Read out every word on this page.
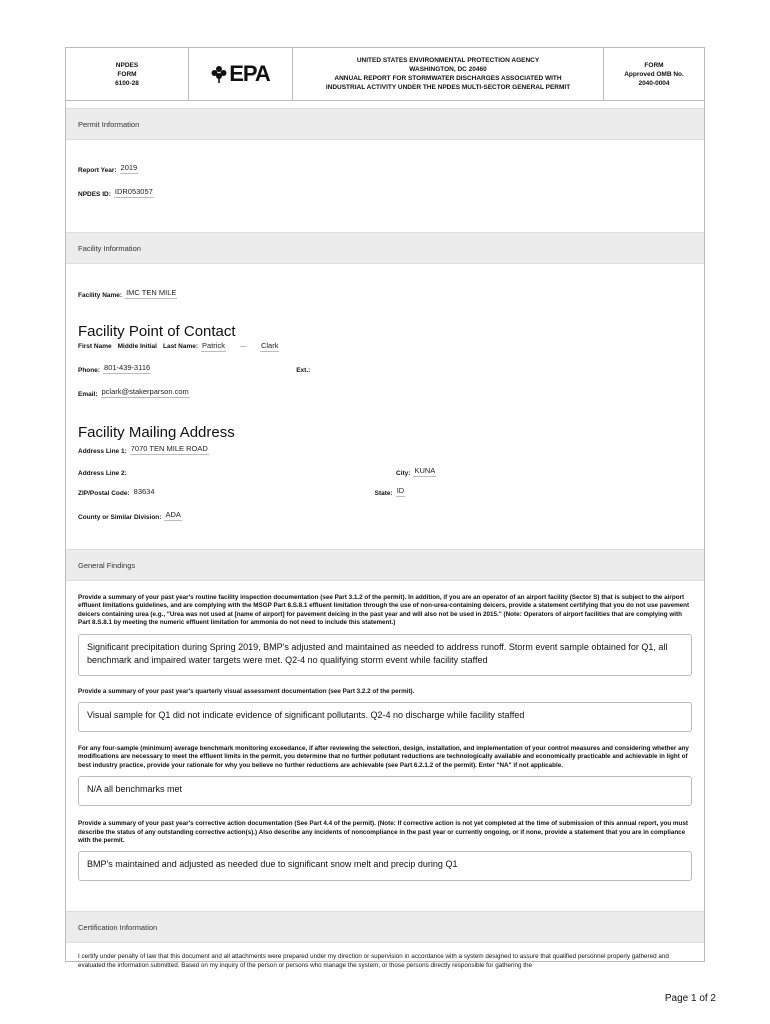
NPDES
FORM
6100-28	EPA
UNITED STATES ENVIRONMENTAL PROTECTION AGENCY
WASHINGTON, DC 20460
ANNUAL REPORT FOR STORMWATER DISCHARGES ASSOCIATED WITH
INDUSTRIAL ACTIVITY UNDER THE NPDES MULTI-SECTOR GENERAL PERMIT
FORM
Approved OMB No.
2040-0004
Permit Information
Report Year: 2019
NPDES ID: IDR053057
Facility Information
Facility Name: IMC TEN MILE
Facility Point of Contact
First Name Middle Initial Last Name: Patrick	Clark
Phone: 801-439-3116	Ext.:
Email: pclark@stakerparson.com
Facility Mailing Address
Address Line 1: 7070 TEN MILE ROAD
Address Line 2:	City: KUNA
ZIP/Postal Code: 83634	State: ID
County or Similar Division: ADA
General Findings
Provide a summary of your past year's routine facility inspection documentation (see Part 3.1.2 of the permit). In addition, if you are an operator of an airport facility (Sector S) that is subject to the airport effluent limitations guidelines, and are complying with the MSGP Part 8.S.8.1 effluent limitation through the use of non-urea-containing deicers, provide a statement certifying that you do not use pavement deicers containing urea (e.g., "Urea was not used at [name of airport] for pavement deicing in the past year and will also not be used in 2015." (Note: Operators of airport facilities that are complying with Part 8.S.8.1 by meeting the numeric effluent limitation for ammonia do not need to include this statement.)
Significant precipitation during Spring 2019, BMP's adjusted and maintained as needed to address runoff. Storm event sample obtained for Q1, all benchmark and impaired water targets were met. Q2-4 no qualifying storm event while facility staffed
Provide a summary of your past year's quarterly visual assessment documentation (see Part 3.2.2 of the permit).
Visual sample for Q1 did not indicate evidence of significant pollutants. Q2-4 no discharge while facility staffed
For any four-sample (minimum) average benchmark monitoring exceedance, if after reviewing the selection, design, installation, and implementation of your control measures and considering whether any modifications are necessary to meet the effluent limits in the permit, you determine that no further pollutant reductions are technologically available and economically practicable and achievable in light of best industry practice, provide your rationale for why you believe no further reductions are achievable (see Part 6.2.1.2 of the permit). Enter "NA" if not applicable.
N/A all benchmarks met
Provide a summary of your past year's corrective action documentation (See Part 4.4 of the permit). (Note: If corrective action is not yet completed at the time of submission of this annual report, you must describe the status of any outstanding corrective action(s).) Also describe any incidents of noncompliance in the past year or currently ongoing, or if none, provide a statement that you are in compliance with the permit.
BMP's maintained and adjusted as needed due to significant snow melt and precip during Q1
Certification Information
I certify under penalty of law that this document and all attachments were prepared under my direction or supervision in accordance with a system designed to assure that qualified personnel properly gathered and evaluated the information submitted. Based on my inquiry of the person or persons who manage the system, or those persons directly responsible for gathering the
Page 1 of 2
